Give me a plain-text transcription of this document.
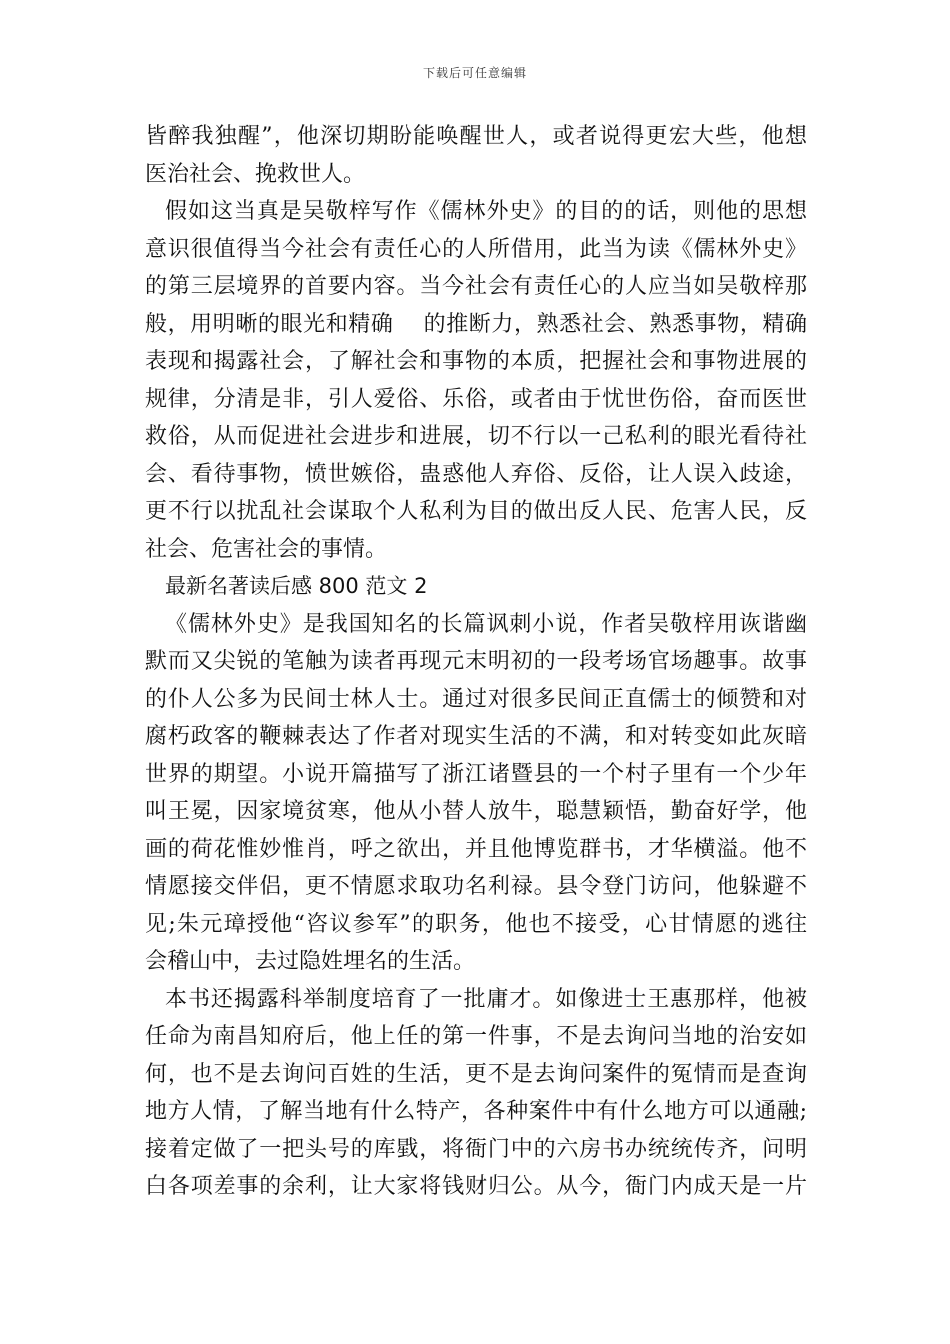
下载后可任意编辑
皆醉我独醒”，他深切期盼能唤醒世人，或者说得更宏大些，他想
医治社会、挽救世人。
假如这当真是吴敬梓写作《儒林外史》的目的的话，则他的思想
意识很值得当今社会有责任心的人所借用，此当为读《儒林外史》
的第三层境界的首要内容。当今社会有责任心的人应当如吴敬梓那
般，用明晰的眼光和精确　 的推断力，熟悉社会、熟悉事物，精确
表现和揭露社会，了解社会和事物的本质，把握社会和事物进展的
规律，分清是非，引人爱俗、乐俗，或者由于忧世伤俗，奋而医世
救俗，从而促进社会进步和进展，切不行以一己私利的眼光看待社
会、看待事物，愤世嫉俗，蛊惑他人弃俗、反俗，让人误入歧途，
更不行以扰乱社会谋取个人私利为目的做出反人民、危害人民，反
社会、危害社会的事情。
最新名著读后感 800 范文 2
《儒林外史》是我国知名的长篇讽刺小说，作者吴敬梓用诙谐幽
默而又尖锐的笔触为读者再现元末明初的一段考场官场趣事。故事
的仆人公多为民间士林人士。通过对很多民间正直儒士的倾赞和对
腐朽政客的鞭棘表达了作者对现实生活的不满，和对转变如此灰暗
世界的期望。小说开篇描写了浙江诸暨县的一个村子里有一个少年
叫王冕，因家境贫寒，他从小替人放牛，聪慧颖悟，勤奋好学，他
画的荷花惟妙惟肖，呼之欲出，并且他博览群书，才华横溢。他不
情愿接交伴侣，更不情愿求取功名利禄。县令登门访问，他躲避不
见;朱元璋授他“咨议参军”的职务，他也不接受，心甘情愿的逃往
会稽山中，去过隐姓埋名的生活。
本书还揭露科举制度培育了一批庸才。如像进士王惠那样，他被
任命为南昌知府后，他上任的第一件事，不是去询问当地的治安如
何，也不是去询问百姓的生活，更不是去询问案件的冤情而是查询
地方人情，了解当地有什么特产，各种案件中有什么地方可以通融;
接着定做了一把头号的库戥，将衙门中的六房书办统统传齐，问明
白各项差事的余利，让大家将钱财归公。从今，衙门内成天是一片
